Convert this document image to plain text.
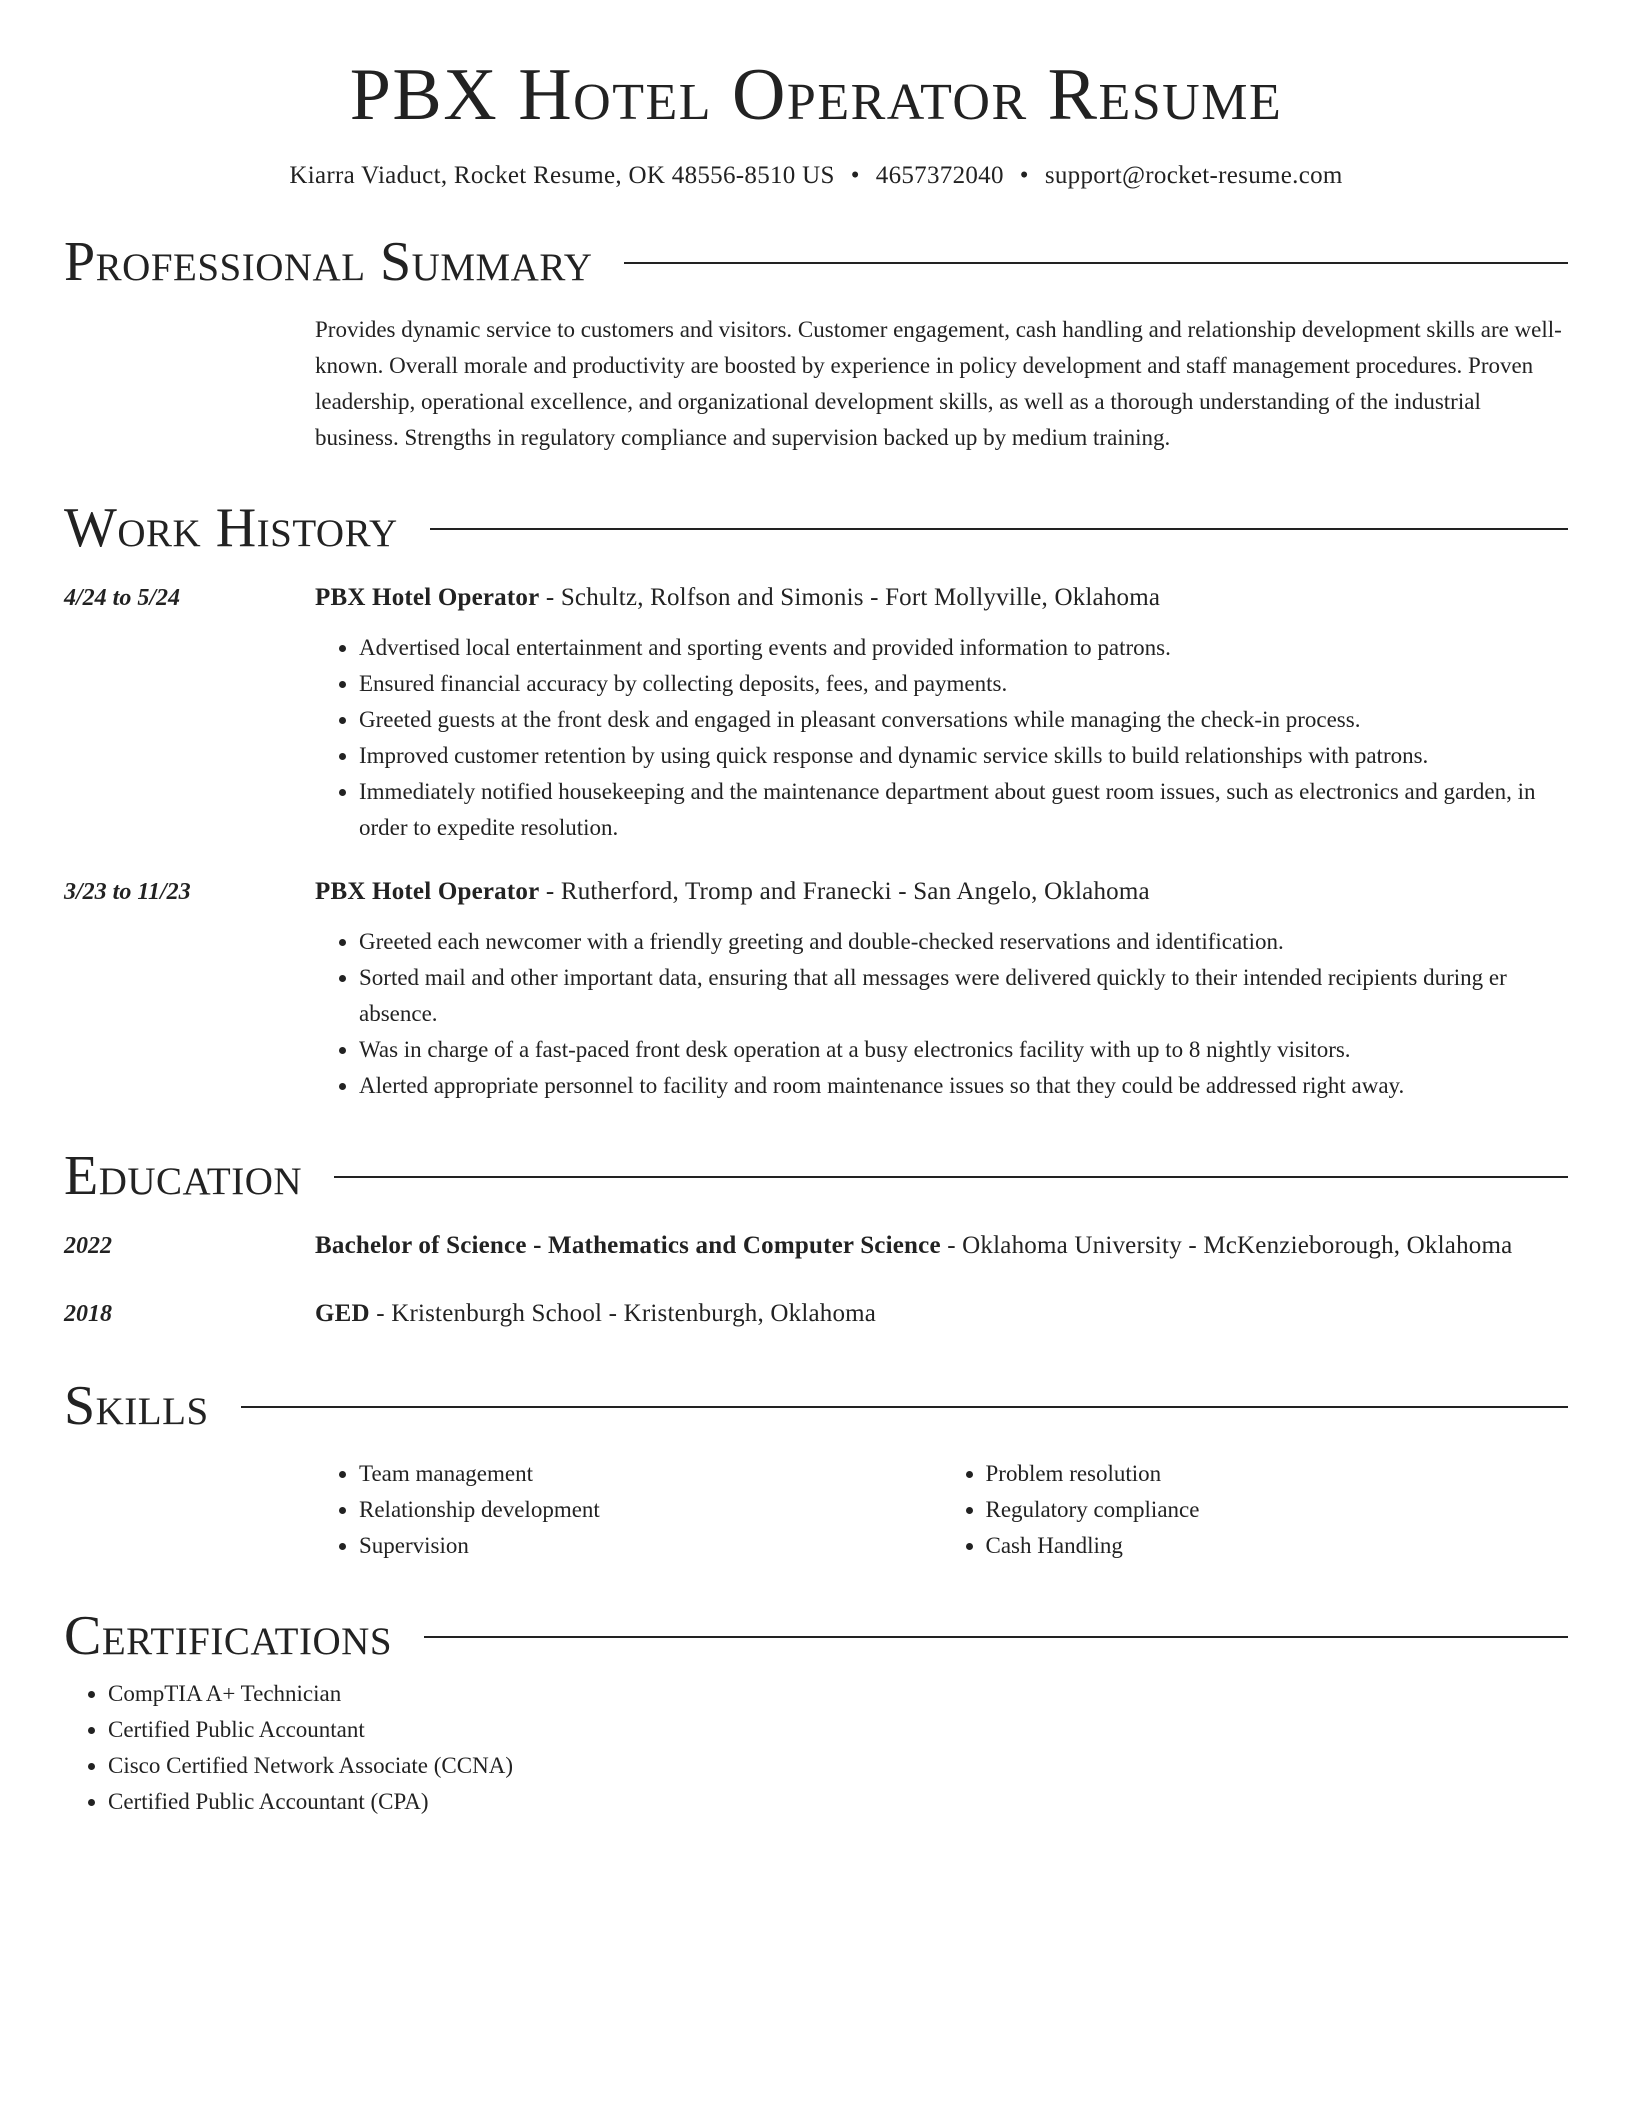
PBX Hotel Operator Resume
Kiarra Viaduct, Rocket Resume, OK 48556-8510 US • 4657372040 • support@rocket-resume.com
Professional Summary
Provides dynamic service to customers and visitors. Customer engagement, cash handling and relationship development skills are well-known. Overall morale and productivity are boosted by experience in policy development and staff management procedures. Proven leadership, operational excellence, and organizational development skills, as well as a thorough understanding of the industrial business. Strengths in regulatory compliance and supervision backed up by medium training.
Work History
4/24 to 5/24	PBX Hotel Operator - Schultz, Rolfson and Simonis - Fort Mollyville, Oklahoma
• Advertised local entertainment and sporting events and provided information to patrons.
• Ensured financial accuracy by collecting deposits, fees, and payments.
• Greeted guests at the front desk and engaged in pleasant conversations while managing the check-in process.
• Improved customer retention by using quick response and dynamic service skills to build relationships with patrons.
• Immediately notified housekeeping and the maintenance department about guest room issues, such as electronics and garden, in order to expedite resolution.
3/23 to 11/23	PBX Hotel Operator - Rutherford, Tromp and Franecki - San Angelo, Oklahoma
• Greeted each newcomer with a friendly greeting and double-checked reservations and identification.
• Sorted mail and other important data, ensuring that all messages were delivered quickly to their intended recipients during er absence.
• Was in charge of a fast-paced front desk operation at a busy electronics facility with up to 8 nightly visitors.
• Alerted appropriate personnel to facility and room maintenance issues so that they could be addressed right away.
Education
2022	Bachelor of Science - Mathematics and Computer Science - Oklahoma University - McKenzieborough, Oklahoma
2018	GED - Kristenburgh School - Kristenburgh, Oklahoma
Skills
• Team management
• Relationship development
• Supervision
• Problem resolution
• Regulatory compliance
• Cash Handling
Certifications
• CompTIA A+ Technician
• Certified Public Accountant
• Cisco Certified Network Associate (CCNA)
• Certified Public Accountant (CPA)
